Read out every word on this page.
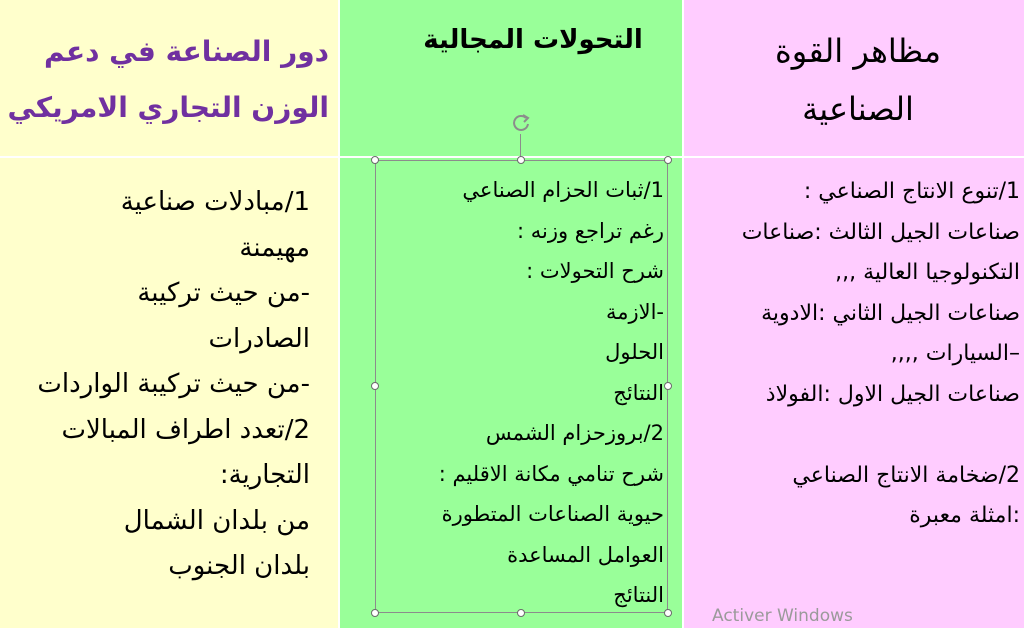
دور الصناعة في دعم
الوزن التجاري الامريكي
التحولات المجالية	مظاهر القوة
الصناعية
1/مبادلات صناعية
مهيمنة
-من حيث تركيبة
الصادرات
-من حيث تركيبة الواردات
2/تعدد اطراف المبالات
التجارية:
من بلدان الشمال
بلدان الجنوب
1/ثبات الحزام الصناعي
رغم تراجع وزنه :
شرح التحولات :
-الازمة
الحلول
النتائج
2/بروزحزام الشمس
شرح تنامي مكانة الاقليم :
حيوية الصناعات المتطورة
العوامل المساعدة
النتائج
1/تنوع الانتاج الصناعي :
صناعات الجيل الثالث :صناعات
التكنولوجيا العالية ,,,
صناعات الجيل الثاني :الادوية
–السيارات ,,,,
صناعات الجيل الاول :الفولاذ

2/ضخامة الانتاج الصناعي
:امثلة معبرة
Activer Windows
